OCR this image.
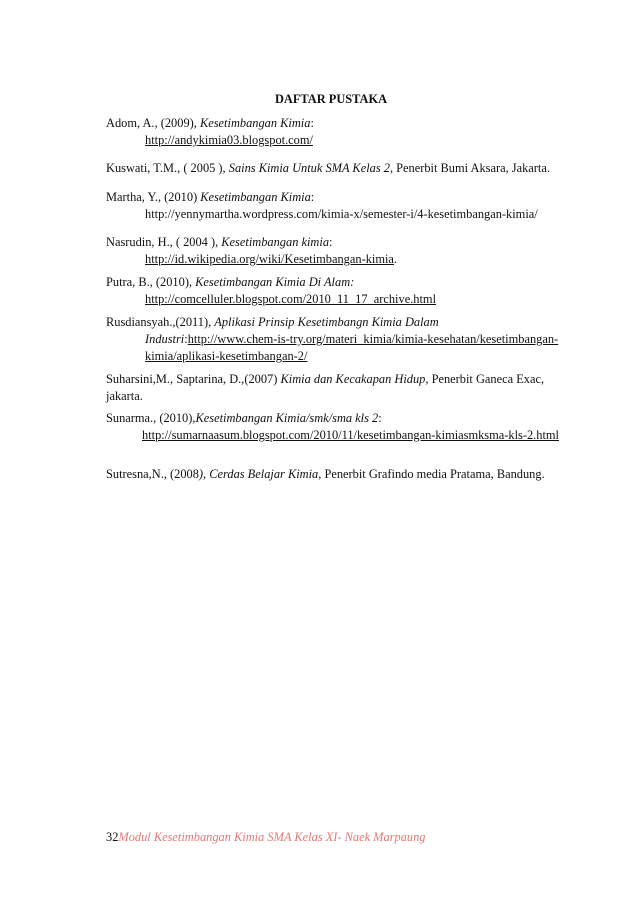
DAFTAR PUSTAKA
Adom, A., (2009), Kesetimbangan Kimia:
http://andykimia03.blogspot.com/
Kuswati, T.M., ( 2005 ), Sains Kimia Untuk SMA Kelas 2, Penerbit Bumi Aksara, Jakarta.
Martha, Y., (2010) Kesetimbangan Kimia:
http://yennymartha.wordpress.com/kimia-x/semester-i/4-kesetimbangan-kimia/
Nasrudin, H., ( 2004 ), Kesetimbangan kimia:
http://id.wikipedia.org/wiki/Kesetimbangan-kimia.
Putra, B., (2010), Kesetimbangan Kimia Di Alam:
http://comcelluler.blogspot.com/2010_11_17_archive.html
Rusdiansyah.,(2011), Aplikasi Prinsip Kesetimbangn Kimia Dalam
Industri:http://www.chem-is-try.org/materi_kimia/kimia-kesehatan/kesetimbangan-
kimia/aplikasi-kesetimbangan-2/
Suharsini,M., Saptarina, D.,(2007) Kimia dan Kecakapan Hidup, Penerbit Ganeca Exac,
jakarta.
Sunarma., (2010),Kesetimbangan Kimia/smk/sma kls 2:
http://sumarnaasum.blogspot.com/2010/11/kesetimbangan-kimiasmksma-kls-2.html
Sutresna,N., (2008), Cerdas Belajar Kimia, Penerbit Grafindo media Pratama, Bandung.
32Modul Kesetimbangan Kimia SMA Kelas XI- Naek Marpaung
